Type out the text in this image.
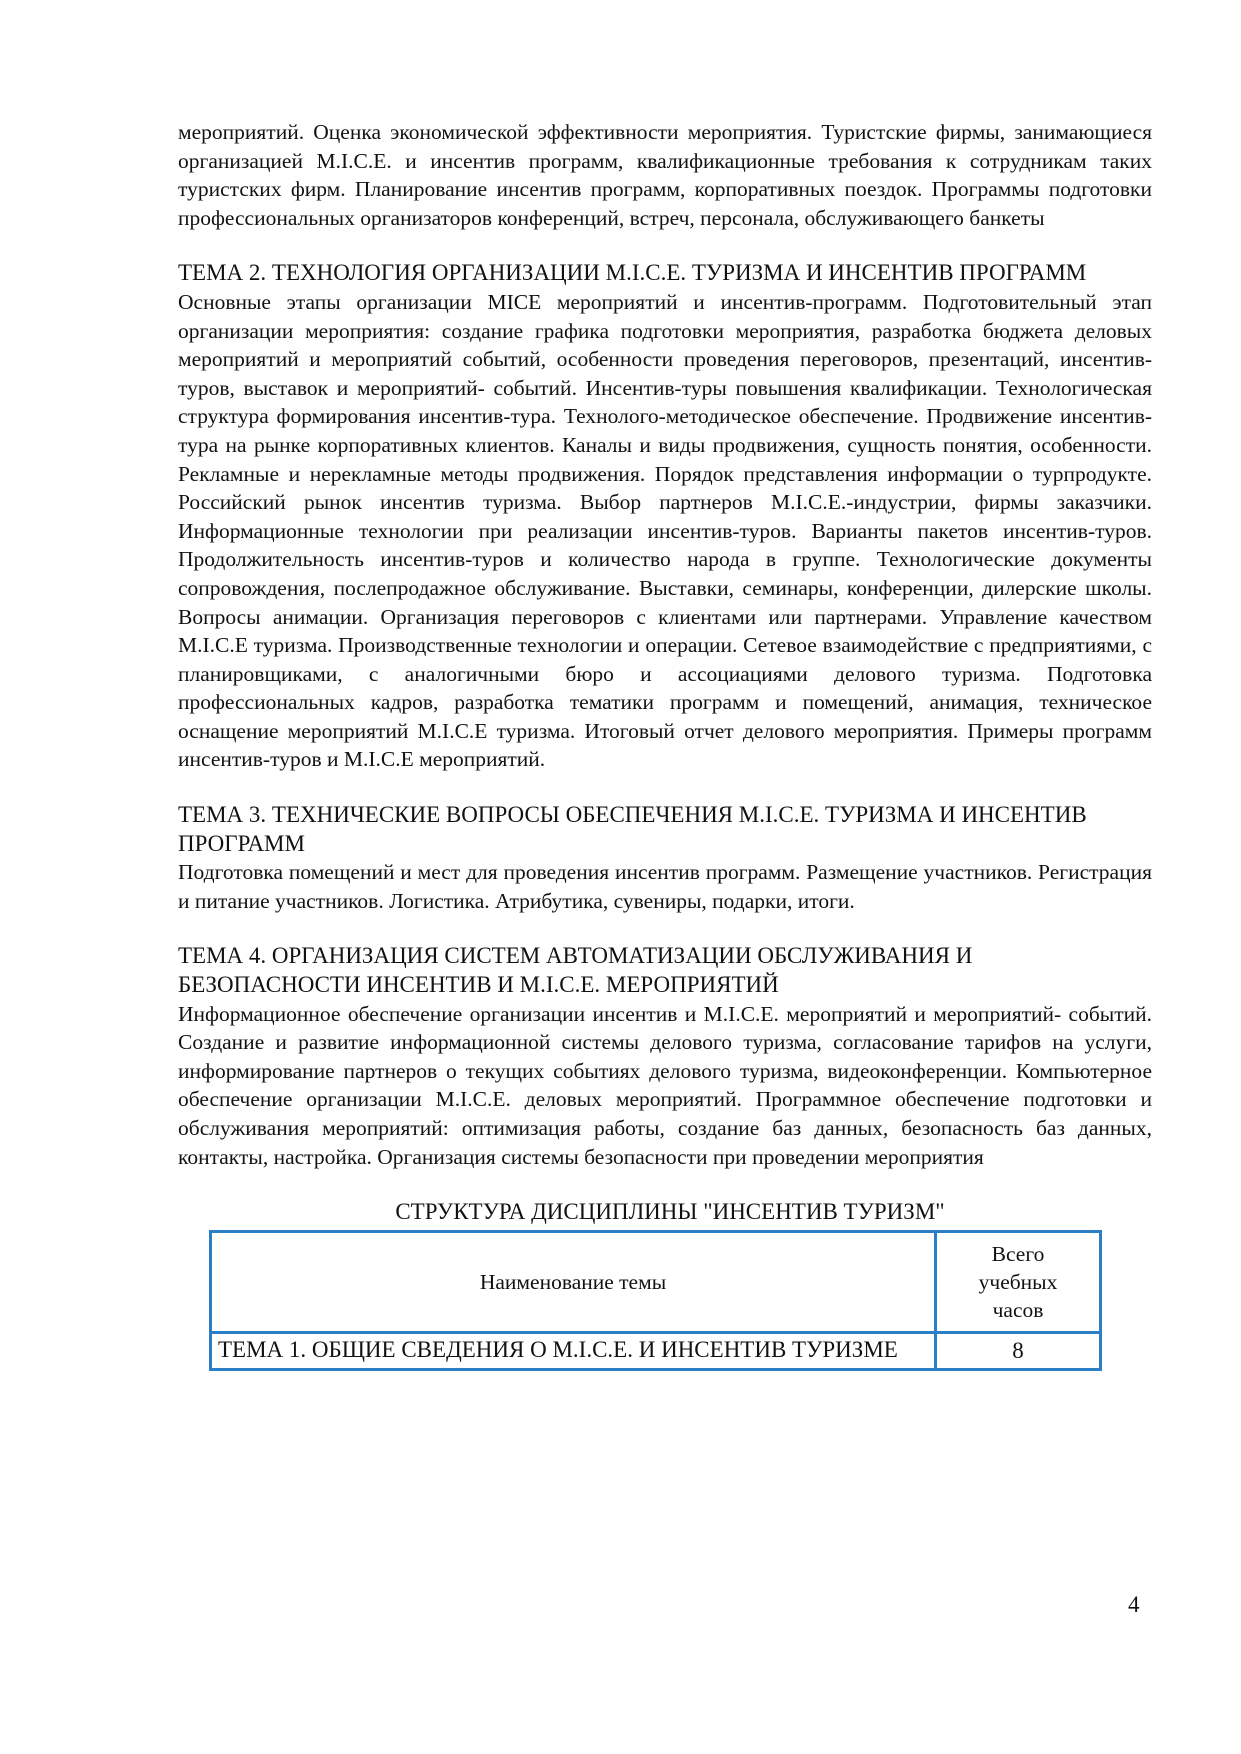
мероприятий. Оценка экономической эффективности мероприятия. Туристские фирмы, занимающиеся организацией M.I.C.E. и инсентив программ, квалификационные требования к сотрудникам таких туристских фирм. Планирование инсентив программ, корпоративных поездок. Программы подготовки профессиональных организаторов конференций, встреч, персонала, обслуживающего банкеты

ТЕМА 2. ТЕХНОЛОГИЯ ОРГАНИЗАЦИИ M.I.C.E. ТУРИЗМА И ИНСЕНТИВ ПРОГРАММ

Основные этапы организации MICE мероприятий и инсентив-программ. Подготовительный этап организации мероприятия: создание графика подготовки мероприятия, разработка бюджета деловых мероприятий и мероприятий событий, особенности проведения переговоров, презентаций, инсентив-туров, выставок и мероприятий- событий. Инсентив-туры повышения квалификации. Технологическая структура формирования инсентив-тура. Технолого-методическое обеспечение. Продвижение инсентив-тура на рынке корпоративных клиентов. Каналы и виды продвижения, сущность понятия, особенности. Рекламные и нерекламные методы продвижения. Порядок представления информации о турпродукте. Российский рынок инсентив туризма. Выбор партнеров M.I.C.E.-индустрии, фирмы заказчики. Информационные технологии при реализации инсентив-туров. Варианты пакетов инсентив-туров. Продолжительность инсентив-туров и количество народа в группе. Технологические документы сопровождения, послепродажное обслуживание. Выставки, семинары, конференции, дилерские школы. Вопросы анимации. Организация переговоров с клиентами или партнерами. Управление качеством M.I.C.E туризма. Производственные технологии и операции. Сетевое взаимодействие с предприятиями, с планировщиками, с аналогичными бюро и ассоциациями делового туризма. Подготовка профессиональных кадров, разработка тематики программ и помещений, анимация, техническое оснащение мероприятий M.I.C.E туризма. Итоговый отчет делового мероприятия. Примеры программ инсентив-туров и M.I.C.E мероприятий.

ТЕМА 3. ТЕХНИЧЕСКИЕ ВОПРОСЫ ОБЕСПЕЧЕНИЯ M.I.C.E. ТУРИЗМА И ИНСЕНТИВ ПРОГРАММ

Подготовка помещений и мест для проведения инсентив программ. Размещение участников. Регистрация и питание участников. Логистика. Атрибутика, сувениры, подарки, итоги.

ТЕМА 4. ОРГАНИЗАЦИЯ СИСТЕМ АВТОМАТИЗАЦИИ ОБСЛУЖИВАНИЯ И БЕЗОПАСНОСТИ ИНСЕНТИВ И M.I.C.E. МЕРОПРИЯТИЙ

Информационное обеспечение организации инсентив и M.I.C.E. мероприятий и мероприятий- событий. Создание и развитие информационной системы делового туризма, согласование тарифов на услуги, информирование партнеров о текущих событиях делового туризма, видеоконференции. Компьютерное обеспечение организации M.I.C.E. деловых мероприятий. Программное обеспечение подготовки и обслуживания мероприятий: оптимизация работы, создание баз данных, безопасность баз данных, контакты, настройка. Организация системы безопасности при проведении мероприятия

СТРУКТУРА ДИСЦИПЛИНЫ "ИНСЕНТИВ ТУРИЗМ"
Наименование темы	Всего
учебных
часов

ТЕМА 1. ОБЩИЕ СВЕДЕНИЯ О M.I.C.E. И ИНСЕНТИВ ТУРИЗМЕ	8
4
